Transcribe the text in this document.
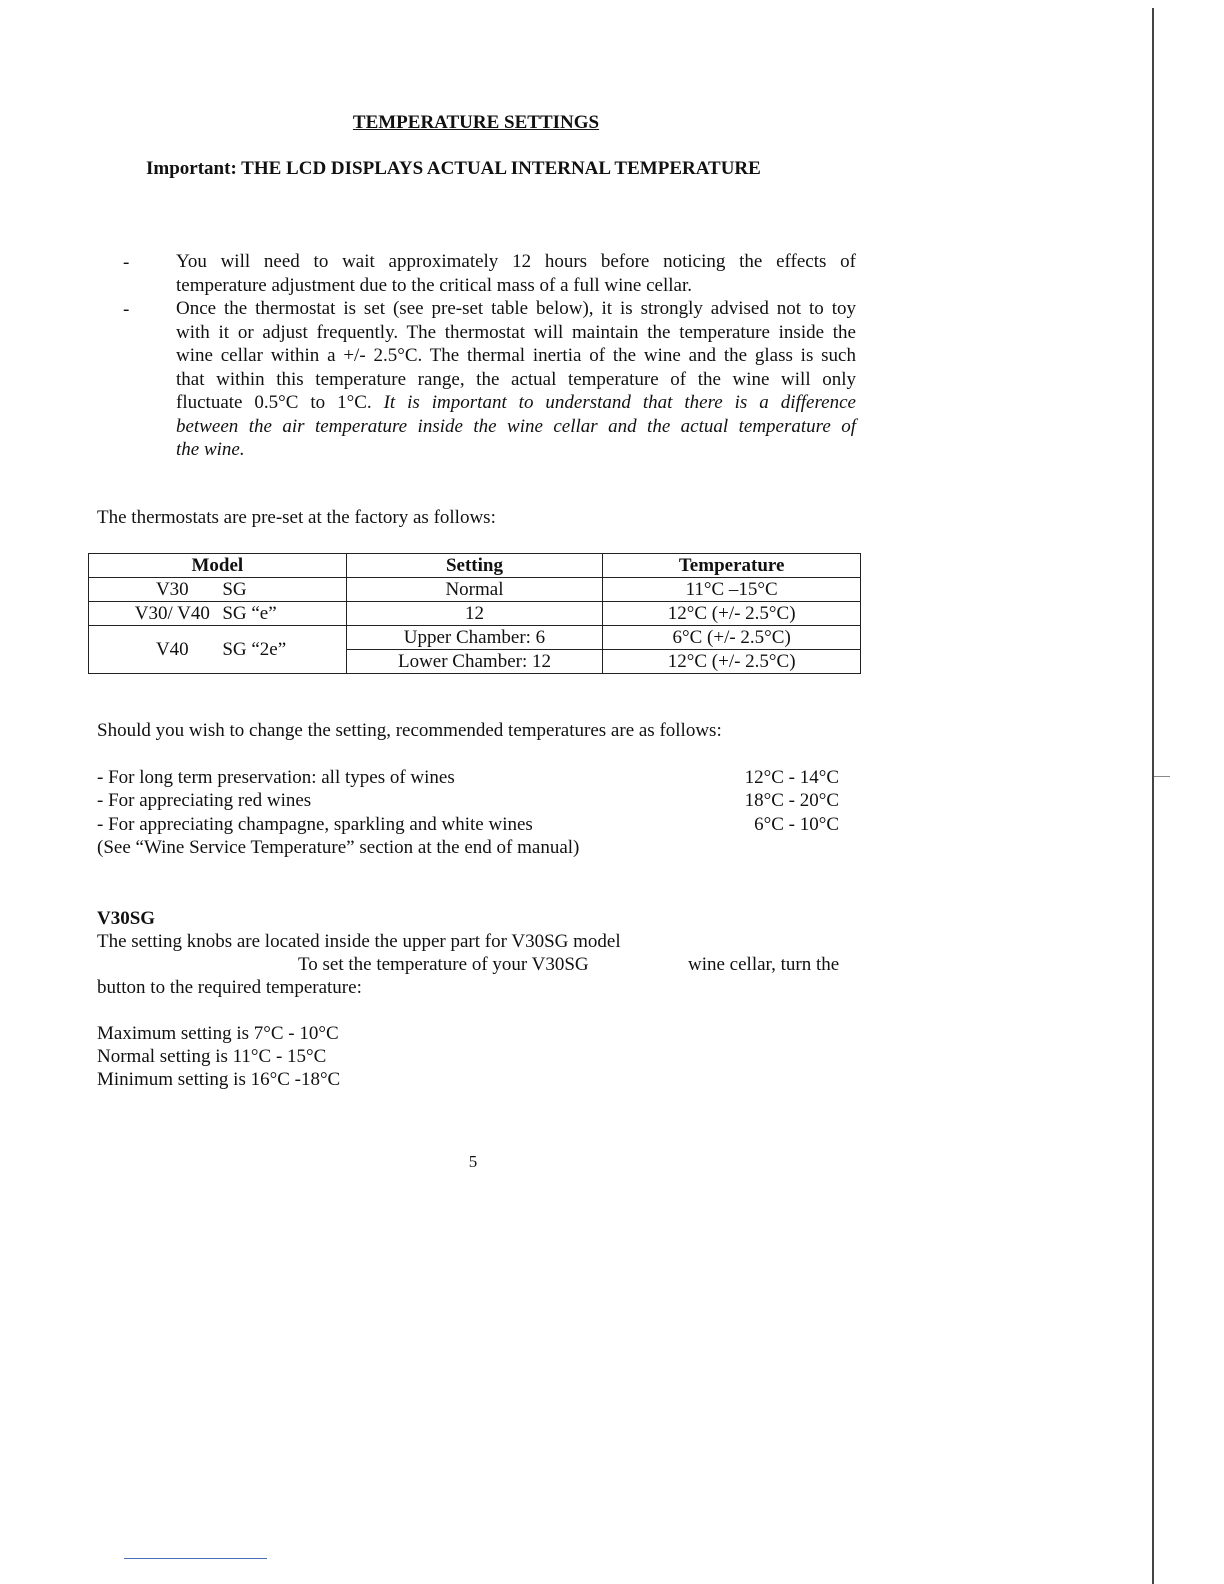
TEMPERATURE SETTINGS
Important: THE LCD DISPLAYS ACTUAL INTERNAL TEMPERATURE
- You will need to wait approximately 12 hours before noticing the effects of
temperature adjustment due to the critical mass of a full wine cellar.
- Once the thermostat is set (see pre-set table below), it is strongly advised not to toy
with it or adjust frequently. The thermostat will maintain the temperature inside the
wine cellar within a +/- 2.5°C. The thermal inertia of the wine and the glass is such
that within this temperature range, the actual temperature of the wine will only
fluctuate 0.5°C to 1°C. It is important to understand that there is a difference
between the air temperature inside the wine cellar and the actual temperature of
the wine.
The thermostats are pre-set at the factory as follows:
Model	Setting	Temperature
V30 SG	Normal	11°C –15°C
V30/ V40 SG “e”	12	12°C (+/- 2.5°C)
V40 SG “2e”	Upper Chamber: 6	6°C (+/- 2.5°C)
	Lower Chamber: 12	12°C (+/- 2.5°C)
Should you wish to change the setting, recommended temperatures are as follows:
- For long term preservation: all types of wines	12°C - 14°C
- For appreciating red wines	18°C - 20°C
- For appreciating champagne, sparkling and white wines	6°C - 10°C
(See “Wine Service Temperature” section at the end of manual)
V30SG
The setting knobs are located inside the upper part for V30SG model
To set the temperature of your V30SG	wine cellar, turn the
button to the required temperature:
Maximum setting is 7°C - 10°C
Normal setting is 11°C - 15°C
Minimum setting is 16°C -18°C
5
